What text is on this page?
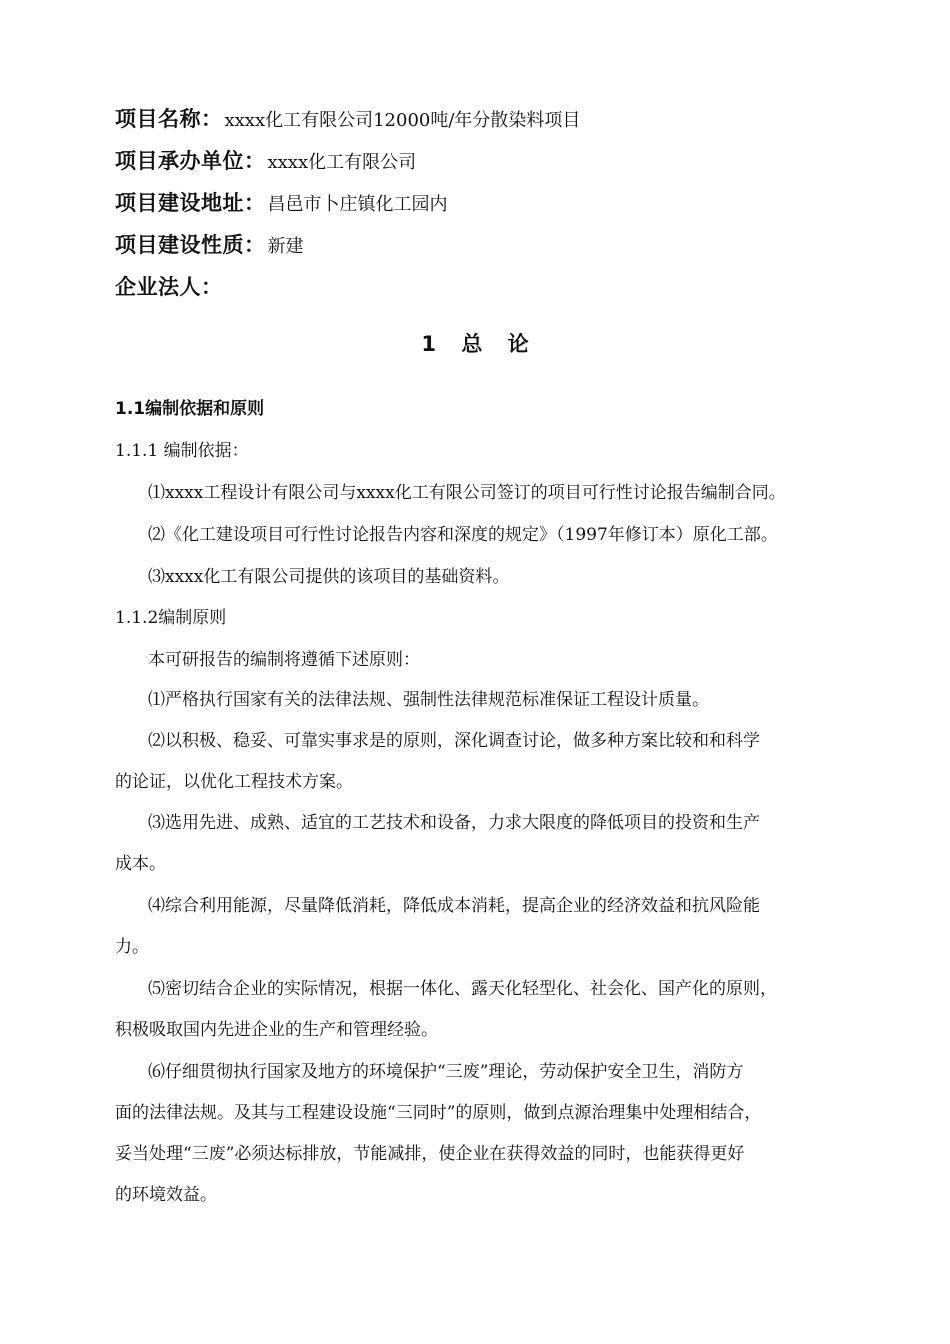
项目名称： xxxx化工有限公司12000吨/年分散染料项目
项目承办单位： xxxx化工有限公司
项目建设地址： 昌邑市卜庄镇化工园内
项目建设性质： 新建
企业法人：
1 总 论
1.1编制依据和原则
1.1.1 编制依据：
⑴xxxx工程设计有限公司与xxxx化工有限公司签订的项目可行性讨论报告编制合同。
⑵《化工建设项目可行性讨论报告内容和深度的规定》（1997年修订本）原化工部。
⑶xxxx化工有限公司提供的该项目的基础资料。
1.1.2编制原则
本可研报告的编制将遵循下述原则：
⑴严格执行国家有关的法律法规、强制性法律规范标准保证工程设计质量。
⑵以积极、稳妥、可靠实事求是的原则，深化调查讨论，做多种方案比较和和科学
的论证，以优化工程技术方案。
⑶选用先进、成熟、适宜的工艺技术和设备，力求大限度的降低项目的投资和生产
成本。
⑷综合利用能源，尽量降低消耗，降低成本消耗，提高企业的经济效益和抗风险能
力。
⑸密切结合企业的实际情况，根据一体化、露天化轻型化、社会化、国产化的原则，
积极吸取国内先进企业的生产和管理经验。
⑹仔细贯彻执行国家及地方的环境保护“三废”理论，劳动保护安全卫生，消防方
面的法律法规。及其与工程建设设施“三同时”的原则，做到点源治理集中处理相结合，
妥当处理“三废”必须达标排放，节能减排，使企业在获得效益的同时，也能获得更好
的环境效益。
